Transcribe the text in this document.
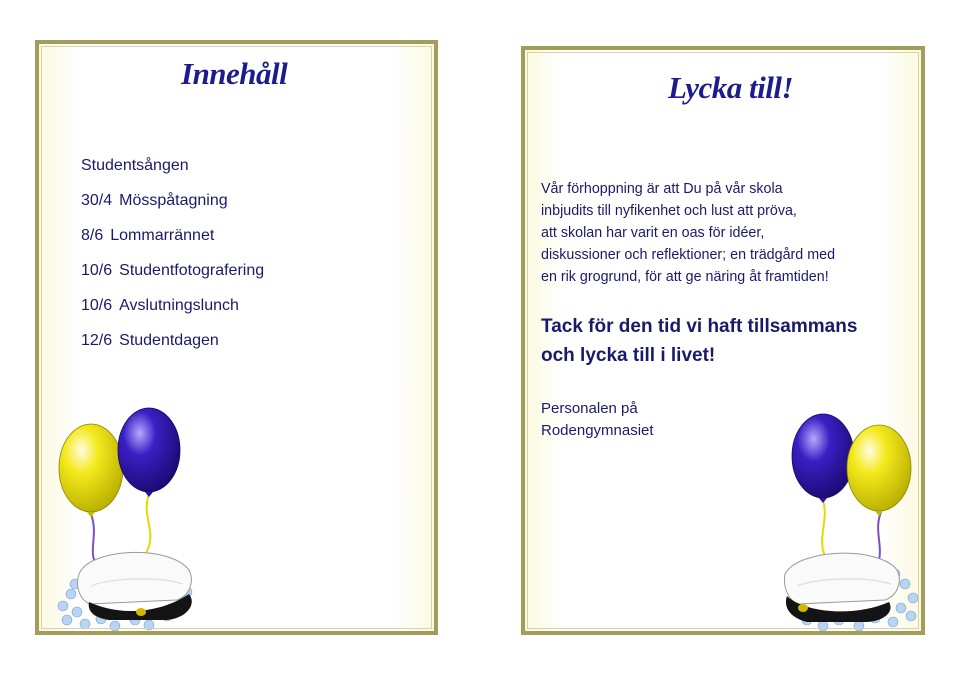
Innehåll
Studentsången
30/4 Mösspåtagning
8/6 Lommarrännet
10/6 Studentfotografering
10/6 Avslutningslunch
12/6 Studentdagen
Lycka till!

Vår förhoppning är att Du på vår skola
inbjudits till nyfikenhet och lust att pröva,
att skolan har varit en oas för idéer,
diskussioner och reflektioner; en trädgård med
en rik grogrund, för att ge näring åt framtiden!

Tack för den tid vi haft tillsammans
och lycka till i livet!

Personalen på
Rodengymnasiet
